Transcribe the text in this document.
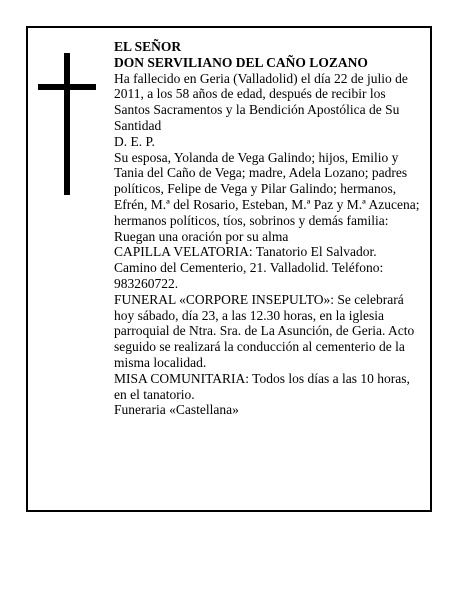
EL SEÑOR

DON SERVILIANO DEL CAÑO LOZANO

Ha fallecido en Geria (Valladolid) el día 22 de julio de 2011, a los 58 años de edad, después de recibir los Santos Sacramentos y la Bendición Apostólica de Su Santidad

D. E. P.

Su esposa, Yolanda de Vega Galindo; hijos, Emilio y Tania del Caño de Vega; madre, Adela Lozano; padres políticos, Felipe de Vega y Pilar Galindo; hermanos, Efrén, M.ª del Rosario, Esteban, M.ª Paz y M.ª Azucena; hermanos políticos, tíos, sobrinos y demás familia:

Ruegan una oración por su alma

CAPILLA VELATORIA: Tanatorio El Salvador. Camino del Cementerio, 21. Valladolid. Teléfono: 983260722.

FUNERAL «CORPORE INSEPULTO»: Se celebrará hoy sábado, día 23, a las 12.30 horas, en la iglesia parroquial de Ntra. Sra. de La Asunción, de Geria. Acto seguido se realizará la conducción al cementerio de la misma localidad.

MISA COMUNITARIA: Todos los días a las 10 horas, en el tanatorio.

Funeraria «Castellana»
